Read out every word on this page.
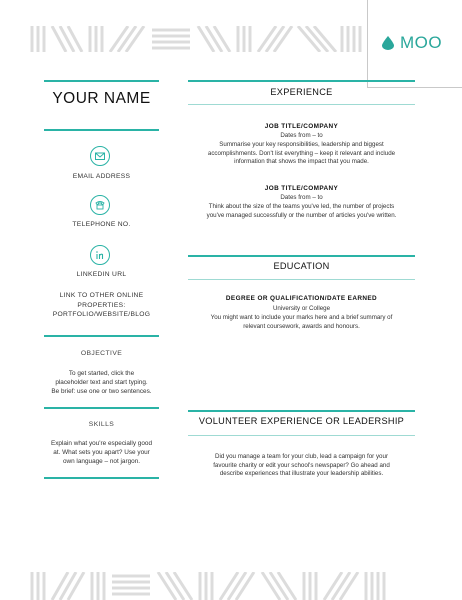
MOO
YOUR NAME
EMAIL ADDRESS
TELEPHONE NO.
LINKEDIN URL
LINK TO OTHER ONLINE
PROPERTIES:
PORTFOLIO/WEBSITE/BLOG
OBJECTIVE
To get started, click the
placeholder text and start typing.
Be brief: use one or two sentences.
SKILLS
Explain what you're especially good
at. What sets you apart? Use your
own language – not jargon.
EXPERIENCE
JOB TITLE/COMPANY
Dates from – to
Summarise your key responsibilities, leadership and biggest
accomplishments. Don't list everything – keep it relevant and include
information that shows the impact that you made.
JOB TITLE/COMPANY
Dates from – to
Think about the size of the teams you've led, the number of projects
you've managed successfully or the number of articles you've written.
EDUCATION
DEGREE OR QUALIFICATION/DATE EARNED
University or College
You might want to include your marks here and a brief summary of
relevant coursework, awards and honours.
VOLUNTEER EXPERIENCE OR LEADERSHIP
Did you manage a team for your club, lead a campaign for your
favourite charity or edit your school's newspaper? Go ahead and
describe experiences that illustrate your leadership abilities.
